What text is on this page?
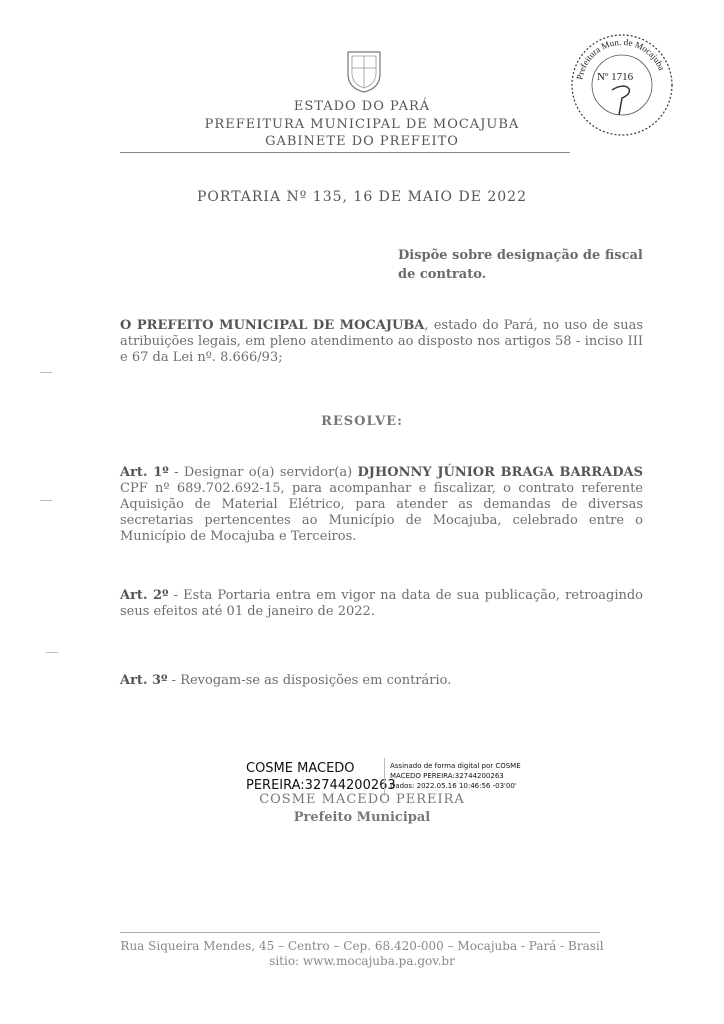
ESTADO DO PARÁ
PREFEITURA MUNICIPAL DE MOCAJUBA
GABINETE DO PREFEITO
PORTARIA Nº 135, 16 DE MAIO DE 2022
Dispõe sobre designação de fiscal de contrato.
O PREFEITO MUNICIPAL DE MOCAJUBA, estado do Pará, no uso de suas atribuições legais, em pleno atendimento ao disposto nos artigos 58 - inciso III e 67 da Lei nº. 8.666/93;
RESOLVE:
Art. 1º - Designar o(a) servidor(a) DJHONNY JÚNIOR BRAGA BARRADAS CPF nº 689.702.692-15, para acompanhar e fiscalizar, o contrato referente Aquisição de Material Elétrico, para atender as demandas de diversas secretarias pertencentes ao Município de Mocajuba, celebrado entre o Município de Mocajuba e Terceiros.
Art. 2º - Esta Portaria entra em vigor na data de sua publicação, retroagindo seus efeitos até 01 de janeiro de 2022.
Art. 3º - Revogam-se as disposições em contrário.
COSME MACEDO
PEREIRA:32744200263
Assinado de forma digital por COSME
MACEDO PEREIRA:32744200263
Dados: 2022.05.16 10:46:56 -03'00'
COSME MACEDO PEREIRA
Prefeito Municipal
Rua Siqueira Mendes, 45 – Centro – Cep. 68.420-000 – Mocajuba - Pará - Brasil
sitio: www.mocajuba.pa.gov.br
Prefeitura Mun. de Mocajuba
Nº 1716
